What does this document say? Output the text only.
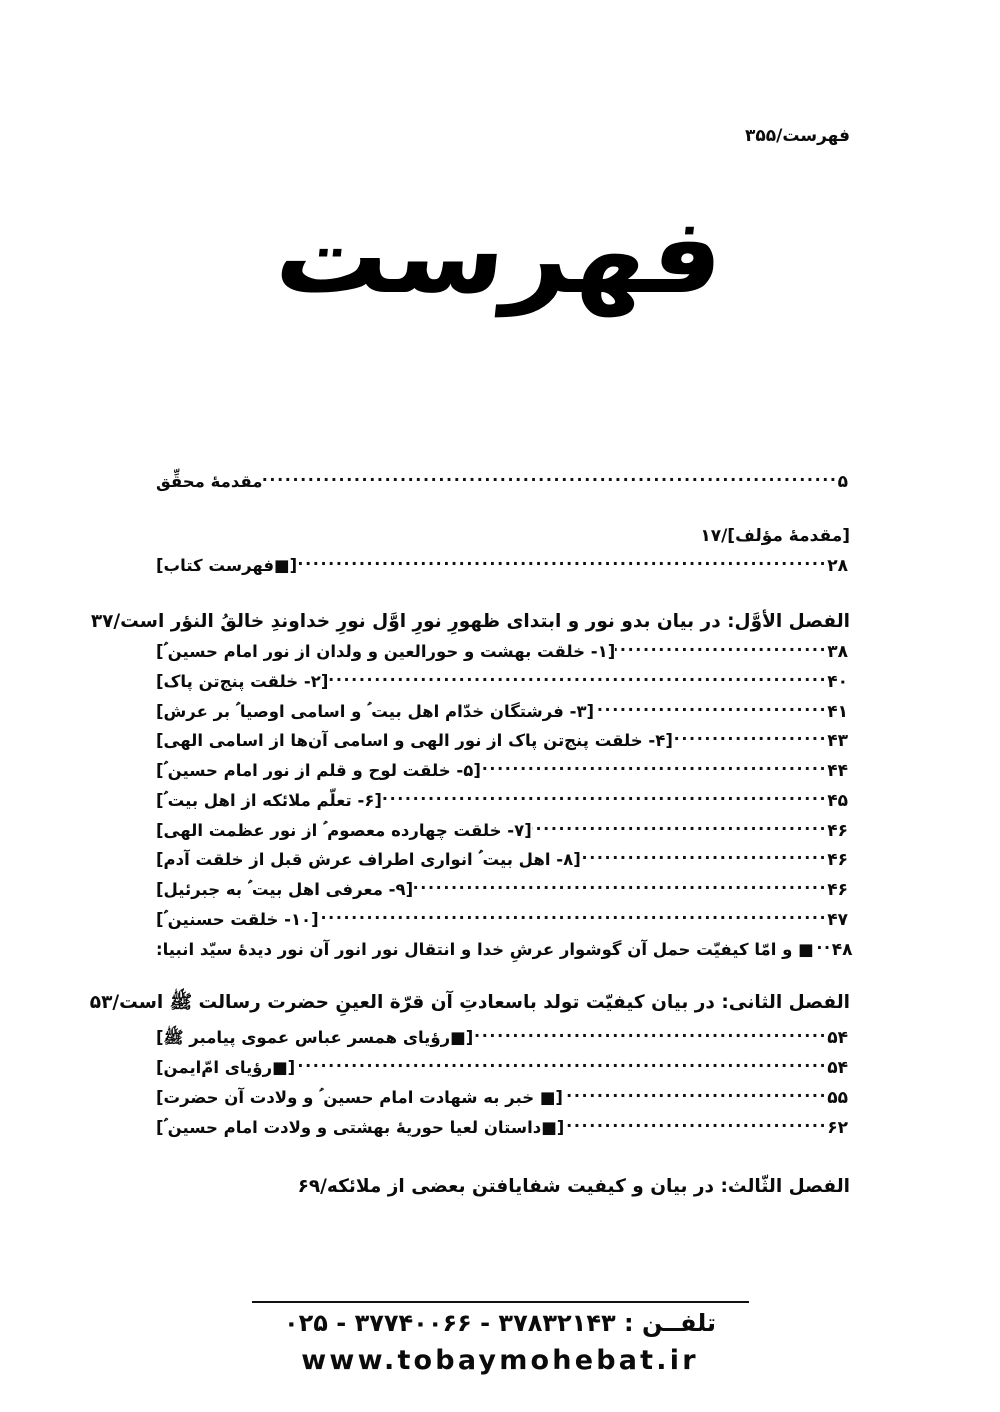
فهرست/۳۵۵
فهرست
مقدمهٔ محقِّق .....	۵
[مقدمهٔ مؤلف]/۱۷
[■فهرست کتاب] .....	۲۸
الفصل الأوَّل: در بیان بدو نور و ابتدای ظهورِ نورِ اوَّل نورِ خداوندِ خالقُ النؤر است/۳۷
[۱- خلقت بهشت و حورالعین و ولدان از نور امام حسین ؑ] .....	۳۸
[۲- خلقت پنج‌تن پاک] .....	۴۰
[۳- فرشتگان خدّام اهل بیت ؑ و اسامی اوصیا ؑ بر عرش] .....	۴۱
[۴- خلقت پنج‌تن پاک از نور الهی و اسامی آن‌ها از اسامی الهی] .....	۴۳
[۵- خلقت لوح و قلم از نور امام حسین ؑ] .....	۴۴
[۶- تعلّم ملائکه از اهل بیت ؑ] .....	۴۵
[۷- خلقت چهارده معصوم ؑ از نور عظمت الهی] .....	۴۶
[۸- اهل بیت ؑ انواری اطراف عرش قبل از خلقت آدم] .....	۴۶
[۹- معرفی اهل بیت ؑ به جبرئیل] .....	۴۶
[۱۰- خلقت حسنین ؑ] .....	۴۷
■ و امّا کیفیّت حمل آن گوشوار عرشِ خدا و انتقال نور انور آن نور دیدهٔ سیّد انبیا: ..... ۴۸
الفصل الثانی: در بیان کیفیّت تولد باسعادتِ آن قرّة العینِ حضرت رسالت ﷺ است/۵۳
[■رؤیای همسر عباس عموی پیامبر ﷺ] .....	۵۴
[■رؤیای امّ‌ایمن] .....	۵۴
[■ خبر به شهادت امام حسین ؑ و ولادت آن حضرت] .....	۵۵
[■داستان لعیا حوریهٔ بهشتی و ولادت امام حسین ؑ] .....	۶۲
الفصل الثّالث: در بیان و کیفیت شفایافتن بعضی از ملائکه/۶۹
تلفــن : ۰۲۵ - ۳۷۷۴۰۰۶۶ - ۳۷۸۳۲۱۴۳
www.tobaymohebat.ir
